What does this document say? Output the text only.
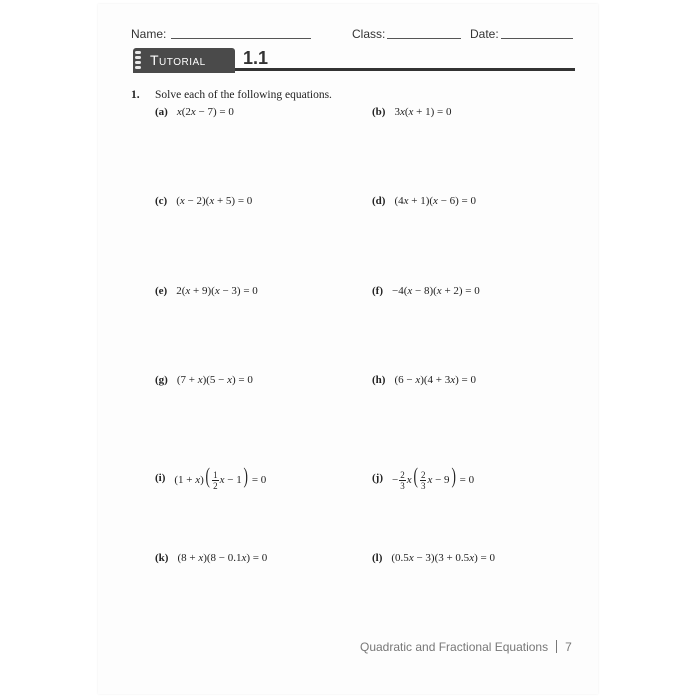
Name:	Class:	Date:
Tutorial 1.1
1. Solve each of the following equations.
(a) x(2x − 7) = 0	(b) 3x(x + 1) = 0
(c) (x − 2)(x + 5) = 0	(d) (4x + 1)(x − 6) = 0
(e) 2(x + 9)(x − 3) = 0	(f) −4(x − 8)(x + 2) = 0
(g) (7 + x)(5 − x) = 0	(h) (6 − x)(4 + 3x) = 0
(i) $(1 + x)( \frac{1}{2}$ x − 1) = 0	$(j) - \frac{2}{3} x( \frac{2}{3}$ x − 9) = 0
(k) (8 + x)(8 − 0.1x) = 0	(l) (0.5x − 3)(3 + 0.5x) = 0
Quadratic and Fractional Equations 7
